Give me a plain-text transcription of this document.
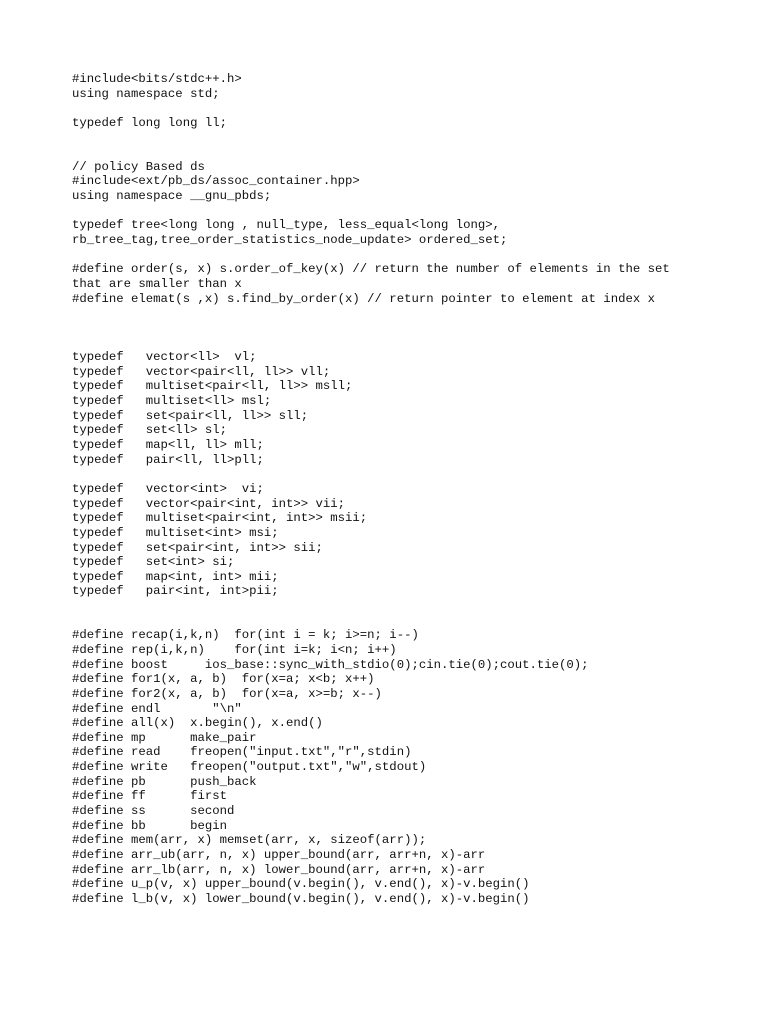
#include<bits/stdc++.h>
using namespace std;
typedef long long ll;
// policy Based ds
#include<ext/pb_ds/assoc_container.hpp>
using namespace __gnu_pbds;
typedef tree<long long , null_type, less_equal<long long>,
rb_tree_tag,tree_order_statistics_node_update> ordered_set;
#define order(s, x) s.order_of_key(x) // return the number of elements in the set
that are smaller than x
#define elemat(s ,x) s.find_by_order(x) // return pointer to element at index x
typedef   vector<ll>  vl;
typedef   vector<pair<ll, ll>> vll;
typedef   multiset<pair<ll, ll>> msll;
typedef   multiset<ll> msl;
typedef   set<pair<ll, ll>> sll;
typedef   set<ll> sl;
typedef   map<ll, ll> mll;
typedef   pair<ll, ll>pll;
typedef   vector<int>  vi;
typedef   vector<pair<int, int>> vii;
typedef   multiset<pair<int, int>> msii;
typedef   multiset<int> msi;
typedef   set<pair<int, int>> sii;
typedef   set<int> si;
typedef   map<int, int> mii;
typedef   pair<int, int>pii;
#define recap(i,k,n)  for(int i = k; i>=n; i--)
#define rep(i,k,n)    for(int i=k; i<n; i++)
#define boost     ios_base::sync_with_stdio(0);cin.tie(0);cout.tie(0);
#define for1(x, a, b)  for(x=a; x<b; x++)
#define for2(x, a, b)  for(x=a, x>=b; x--)
#define endl       "\n"
#define all(x)  x.begin(), x.end()
#define mp      make_pair
#define read    freopen("input.txt","r",stdin)
#define write   freopen("output.txt","w",stdout)
#define pb      push_back
#define ff      first
#define ss      second
#define bb      begin
#define mem(arr, x) memset(arr, x, sizeof(arr));
#define arr_ub(arr, n, x) upper_bound(arr, arr+n, x)-arr
#define arr_lb(arr, n, x) lower_bound(arr, arr+n, x)-arr
#define u_p(v, x) upper_bound(v.begin(), v.end(), x)-v.begin()
#define l_b(v, x) lower_bound(v.begin(), v.end(), x)-v.begin()
